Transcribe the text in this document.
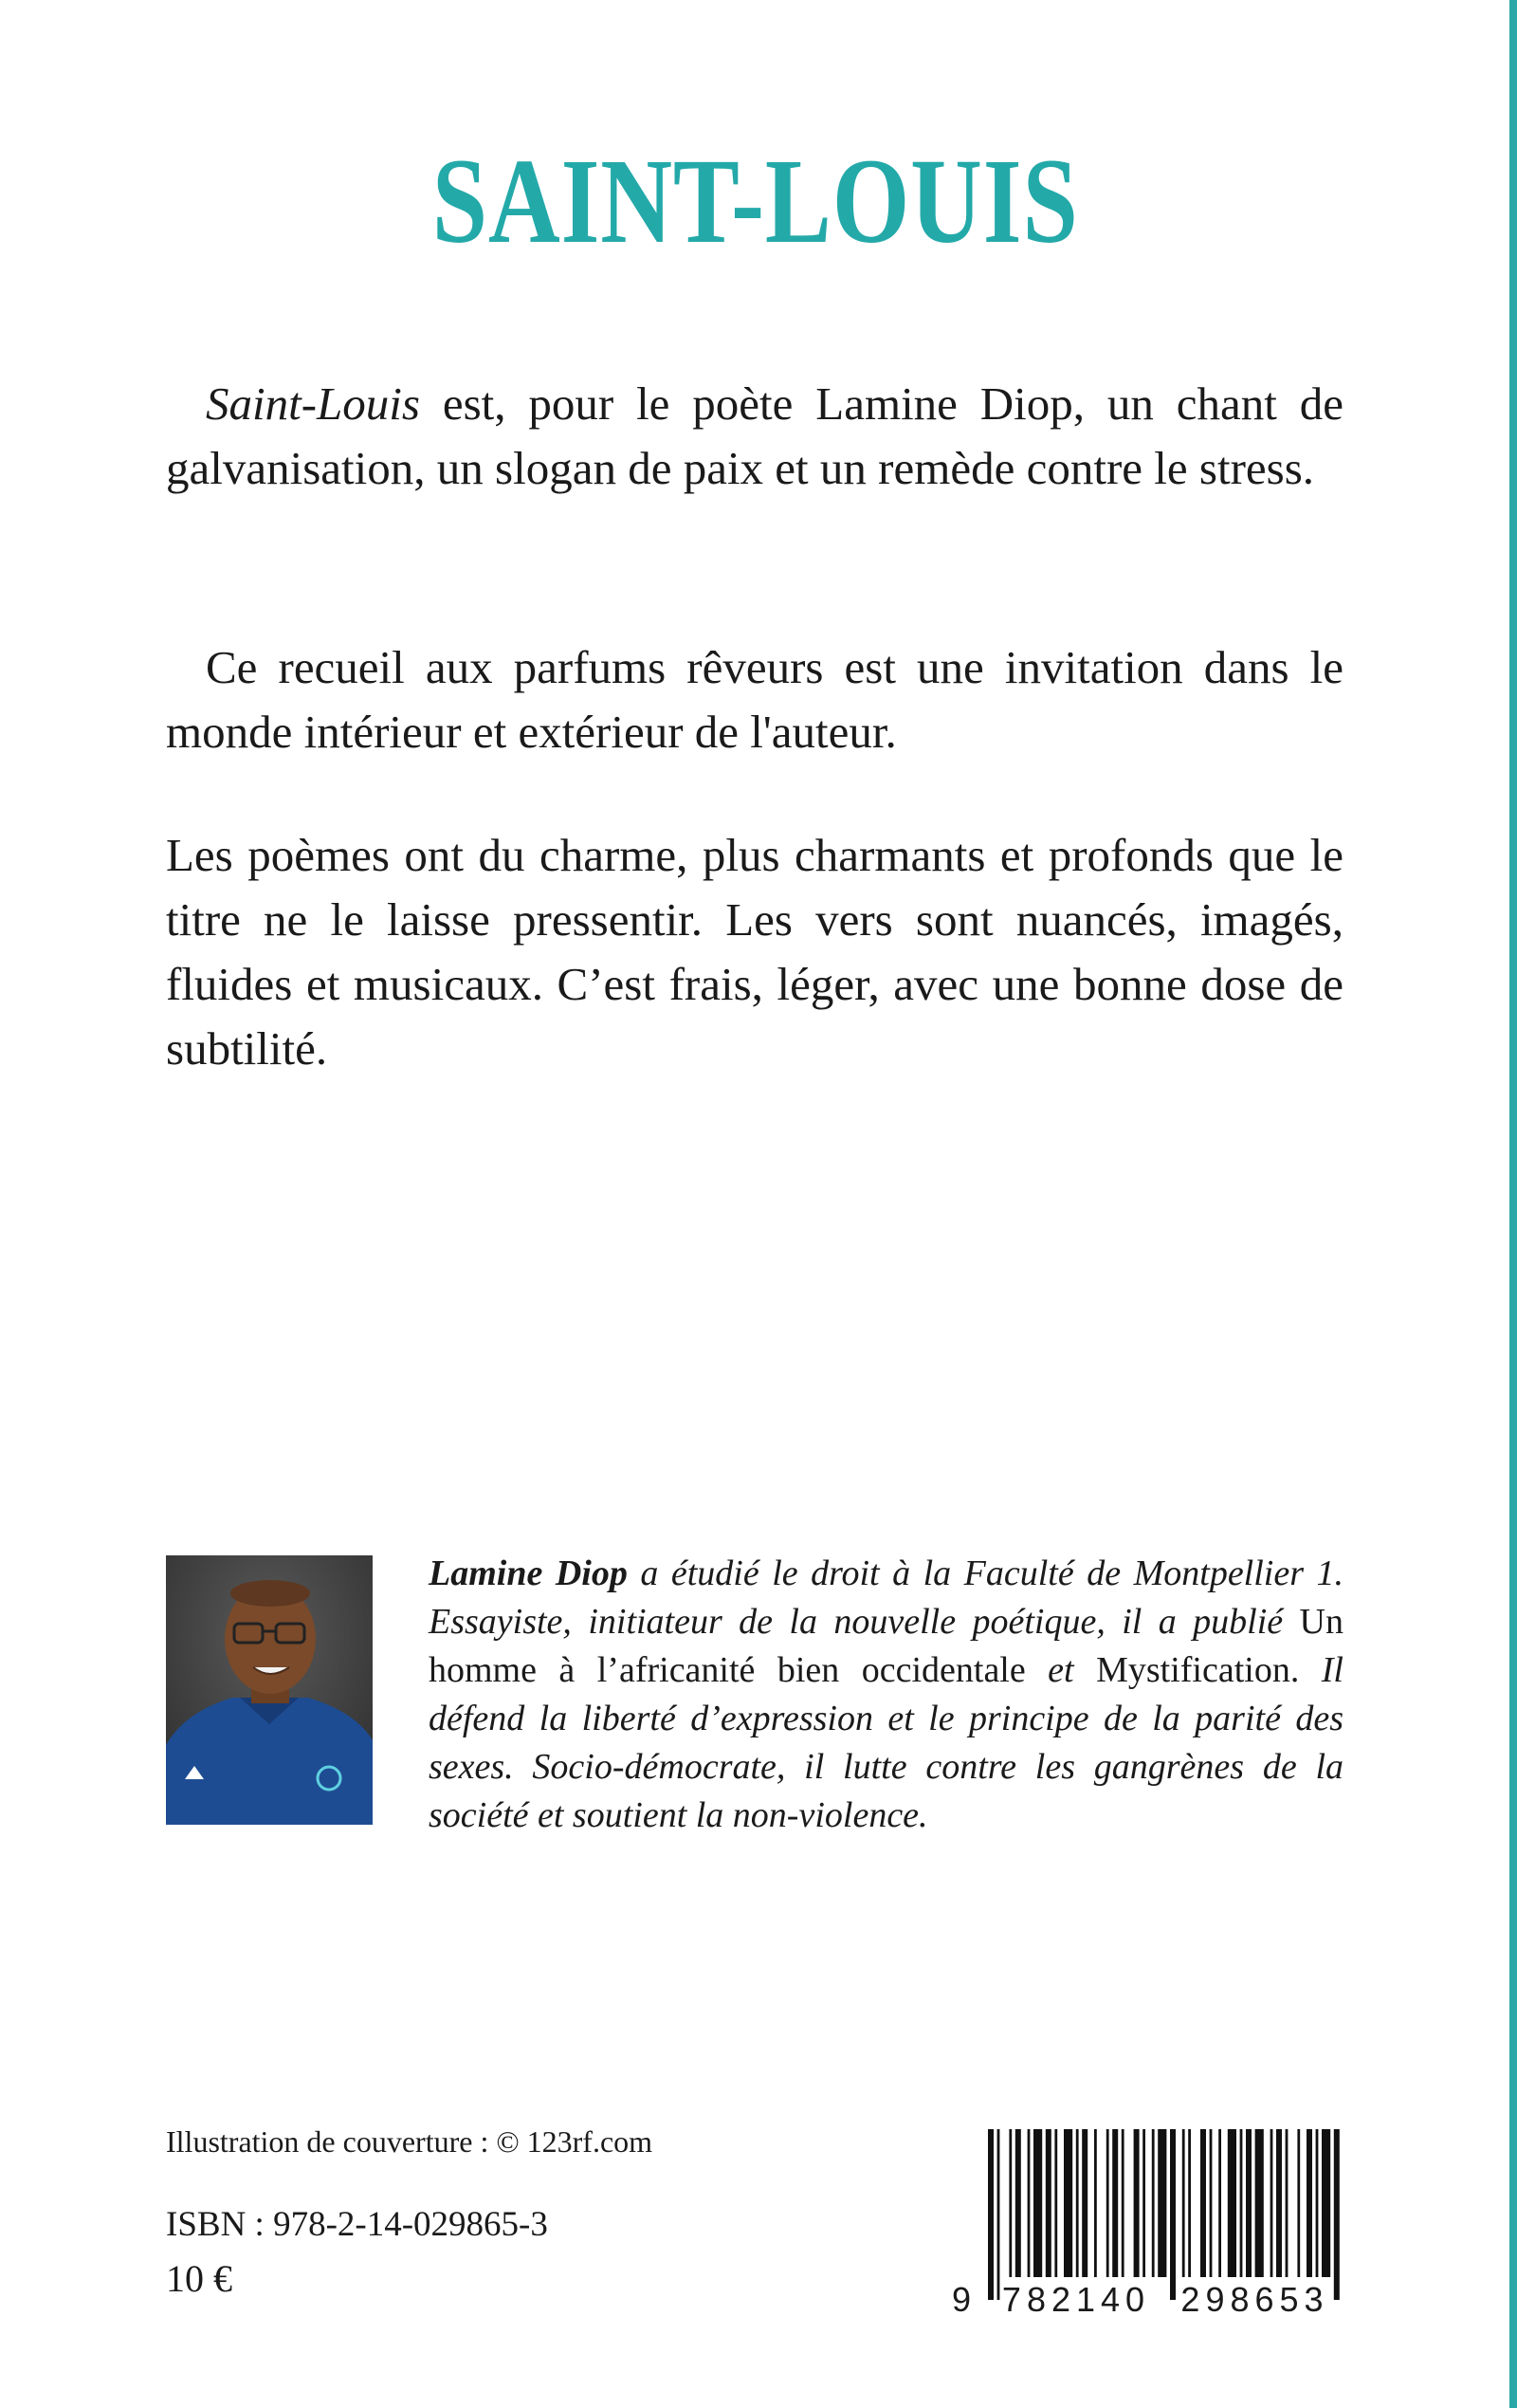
SAINT-LOUIS

Saint-Louis est, pour le poète Lamine Diop, un chant de galvanisation, un slogan de paix et un remède contre le stress.

Ce recueil aux parfums rêveurs est une invitation dans le monde intérieur et extérieur de l'auteur.

Les poèmes ont du charme, plus charmants et profonds que le titre ne le laisse pressentir. Les vers sont nuancés, imagés, fluides et musicaux. C’est frais, léger, avec une bonne dose de subtilité.

Lamine Diop a étudié le droit à la Faculté de Montpellier 1. Essayiste, initiateur de la nouvelle poétique, il a publié Un homme à l’africanité bien occidentale et Mystification. Il défend la liberté d’expression et le principe de la parité des sexes. Socio-démocrate, il lutte contre les gangrènes de la société et soutient la non-violence.

Illustration de couverture : © 123rf.com
ISBN : 978-2-14-029865-3
10 €	9 782140 298653
